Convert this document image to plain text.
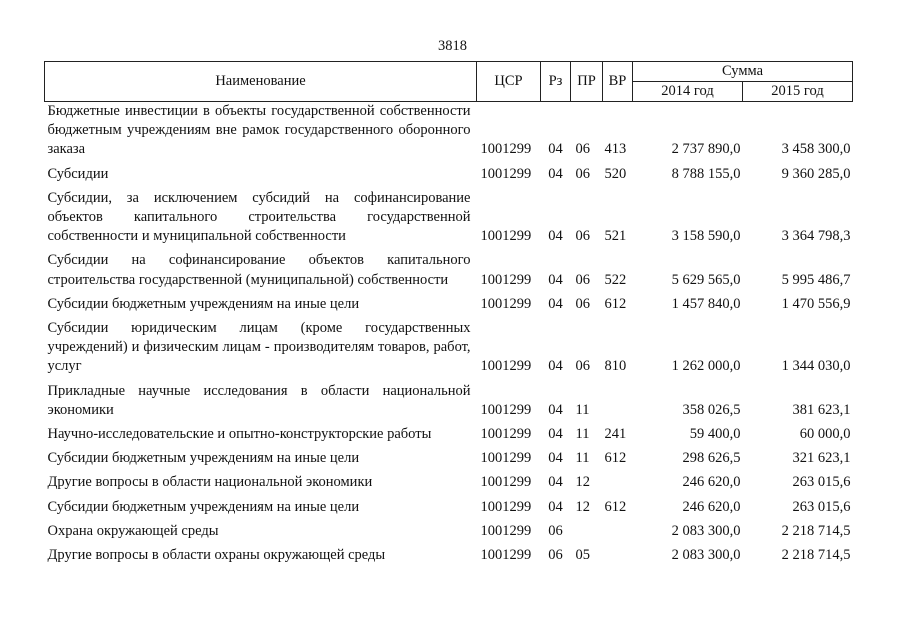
3818
Наименование	ЦСР	Рз	ПР	ВР	Сумма	
					2014 год	2015 год
Бюджетные инвестиции в объекты государственной собственности бюджетным учреждениям вне рамок государственного оборонного заказа	1001299	04	06	413	2 737 890,0	3 458 300,0
Субсидии	1001299	04	06	520	8 788 155,0	9 360 285,0
Субсидии, за исключением субсидий на софинансирование объектов капитального строительства государственной собственности и муниципальной собственности	1001299	04	06	521	3 158 590,0	3 364 798,3
Субсидии на софинансирование объектов капитального строительства государственной (муниципальной) собственности	1001299	04	06	522	5 629 565,0	5 995 486,7
Субсидии бюджетным учреждениям на иные цели	1001299	04	06	612	1 457 840,0	1 470 556,9
Субсидии юридическим лицам (кроме государственных учреждений) и физическим лицам - производителям товаров, работ, услуг	1001299	04	06	810	1 262 000,0	1 344 030,0
Прикладные научные исследования в области национальной экономики	1001299	04	11		358 026,5	381 623,1
Научно-исследовательские и опытно-конструкторские работы	1001299	04	11	241	59 400,0	60 000,0
Субсидии бюджетным учреждениям на иные цели	1001299	04	11	612	298 626,5	321 623,1
Другие вопросы в области национальной экономики	1001299	04	12		246 620,0	263 015,6
Субсидии бюджетным учреждениям на иные цели	1001299	04	12	612	246 620,0	263 015,6
Охрана окружающей среды	1001299	06			2 083 300,0	2 218 714,5
Другие вопросы в области охраны окружающей среды	1001299	06	05		2 083 300,0	2 218 714,5
